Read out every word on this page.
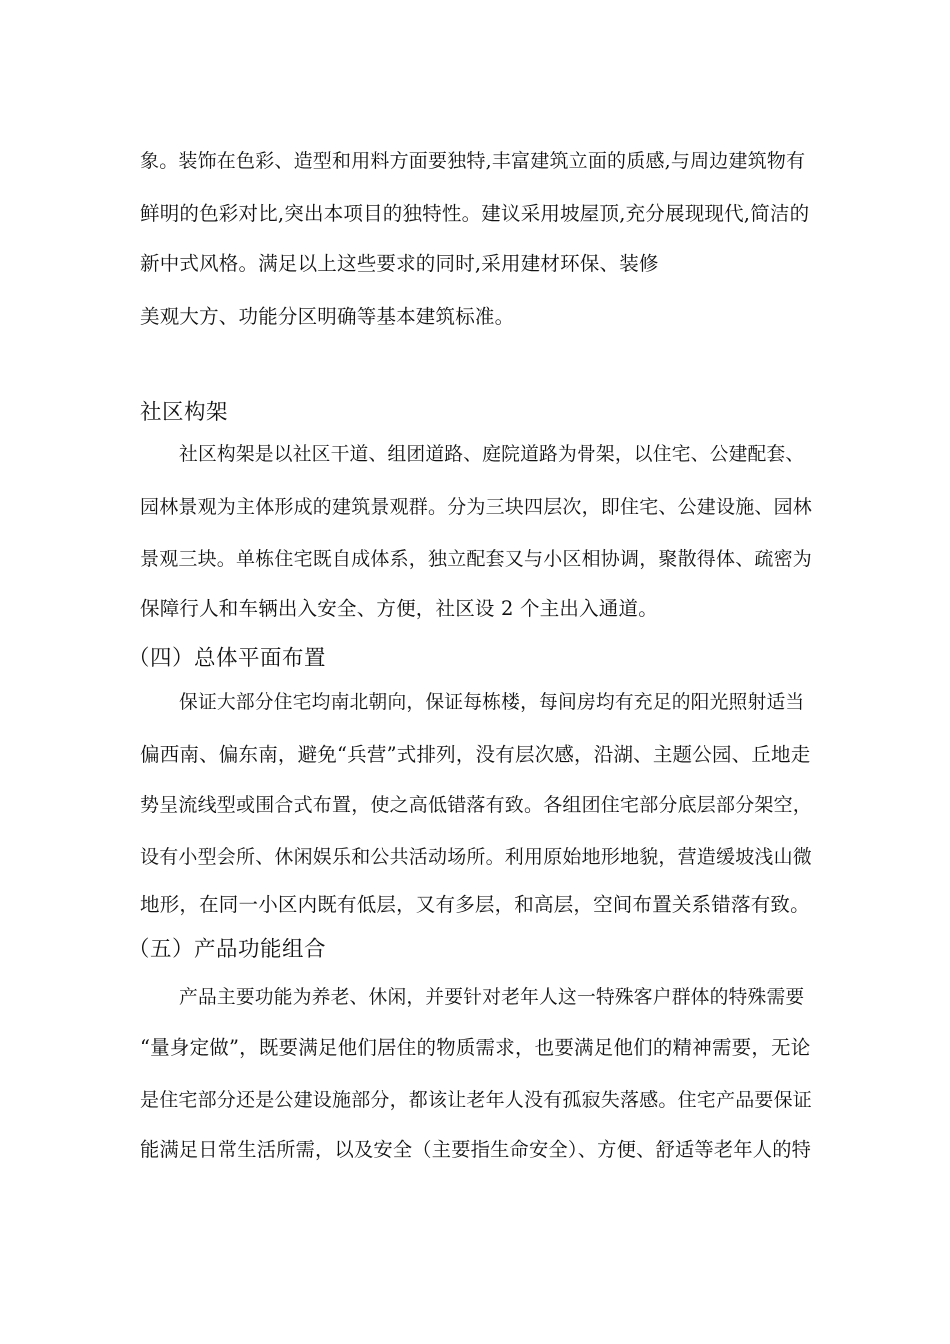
象。装饰在色彩、造型和用料方面要独特,丰富建筑立面的质感,与周边建筑物有
鲜明的色彩对比,突出本项目的独特性。建议采用坡屋顶,充分展现现代,简洁的
新中式风格。满足以上这些要求的同时,采用建材环保、装修
美观大方、功能分区明确等基本建筑标准。
社区构架
社区构架是以社区干道、组团道路、庭院道路为骨架，以住宅、公建配套、
园林景观为主体形成的建筑景观群。分为三块四层次，即住宅、公建设施、园林
景观三块。单栋住宅既自成体系，独立配套又与小区相协调，聚散得体、疏密为
保障行人和车辆出入安全、方便，社区设 2 个主出入通道。
（四）总体平面布置
保证大部分住宅均南北朝向，保证每栋楼，每间房均有充足的阳光照射适当
偏西南、偏东南，避免“兵营”式排列，没有层次感，沿湖、主题公园、丘地走
势呈流线型或围合式布置，使之高低错落有致。各组团住宅部分底层部分架空，
设有小型会所、休闲娱乐和公共活动场所。利用原始地形地貌，营造缓坡浅山微
地形，在同一小区内既有低层，又有多层，和高层，空间布置关系错落有致。
（五）产品功能组合
产品主要功能为养老、休闲，并要针对老年人这一特殊客户群体的特殊需要
“量身定做”，既要满足他们居住的物质需求，也要满足他们的精神需要，无论
是住宅部分还是公建设施部分，都该让老年人没有孤寂失落感。住宅产品要保证
能满足日常生活所需，以及安全（主要指生命安全）、方便、舒适等老年人的特
